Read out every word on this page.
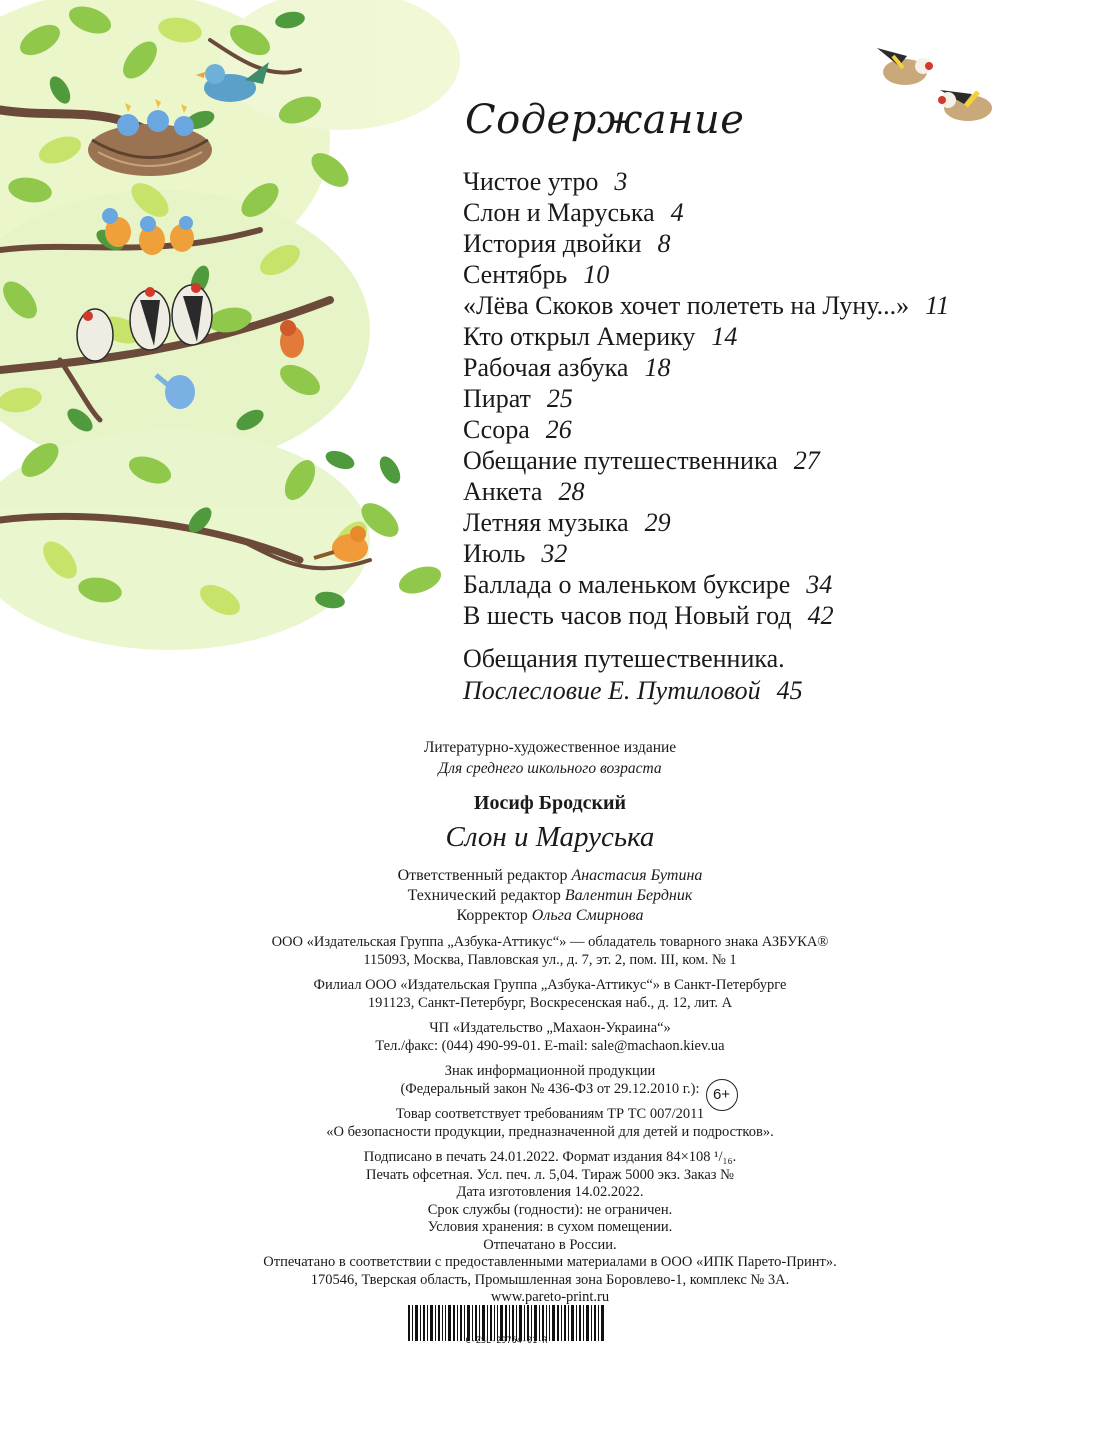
Содержание
Чистое утро 3
Слон и Маруська 4
История двойки 8
Сентябрь 10
«Лёва Скоков хочет полететь на Луну...» 11
Кто открыл Америку 14
Рабочая азбука 18
Пират 25
Ссора 26
Обещание путешественника 27
Анкета 28
Летняя музыка 29
Июль 32
Баллада о маленьком буксире 34
В шесть часов под Новый год 42
Обещания путешественника.
Послесловие Е. Путиловой 45

Литературно-художественное издание

Для среднего школьного возраста

Иосиф Бродский

Слон и Маруська

Ответственный редактор Анастасия Бутина

Технический редактор Валентин Бердник

Корректор Ольга Смирнова

ООО «Издательская Группа „Азбука-Аттикус“» — обладатель товарного знака АЗБУКА®

115093, Москва, Павловская ул., д. 7, эт. 2, пом. III, ком. № 1

Филиал ООО «Издательская Группа „Азбука-Аттикус“» в Санкт-Петербурге

191123, Санкт-Петербург, Воскресенская наб., д. 12, лит. А

ЧП «Издательство „Махаон-Украина“»

Тел./факс: (044) 490-99-01. E-mail: sale@machaon.kiev.ua

Знак информационной продукции

(Федеральный закон № 436-ФЗ от 29.12.2010 г.): 6+

Товар соответствует требованиям ТР ТС 007/2011

«О безопасности продукции, предназначенной для детей и подростков».

Подписано в печать 24.01.2022. Формат издания 84×108 ¹/₁₆.

Печать офсетная. Усл. печ. л. 5,04. Тираж 5000 экз. Заказ №

Дата изготовления 14.02.2022.

Срок службы (годности): не ограничен.

Условия хранения: в сухом помещении.

Отпечатано в России.

Отпечатано в соответствии с предоставленными материалами в ООО «ИПК Парето-Принт».

170546, Тверская область, Промышленная зона Боровлево-1, комплекс № 3А.

www.pareto-print.ru

C-ZSL-29764-01-R
